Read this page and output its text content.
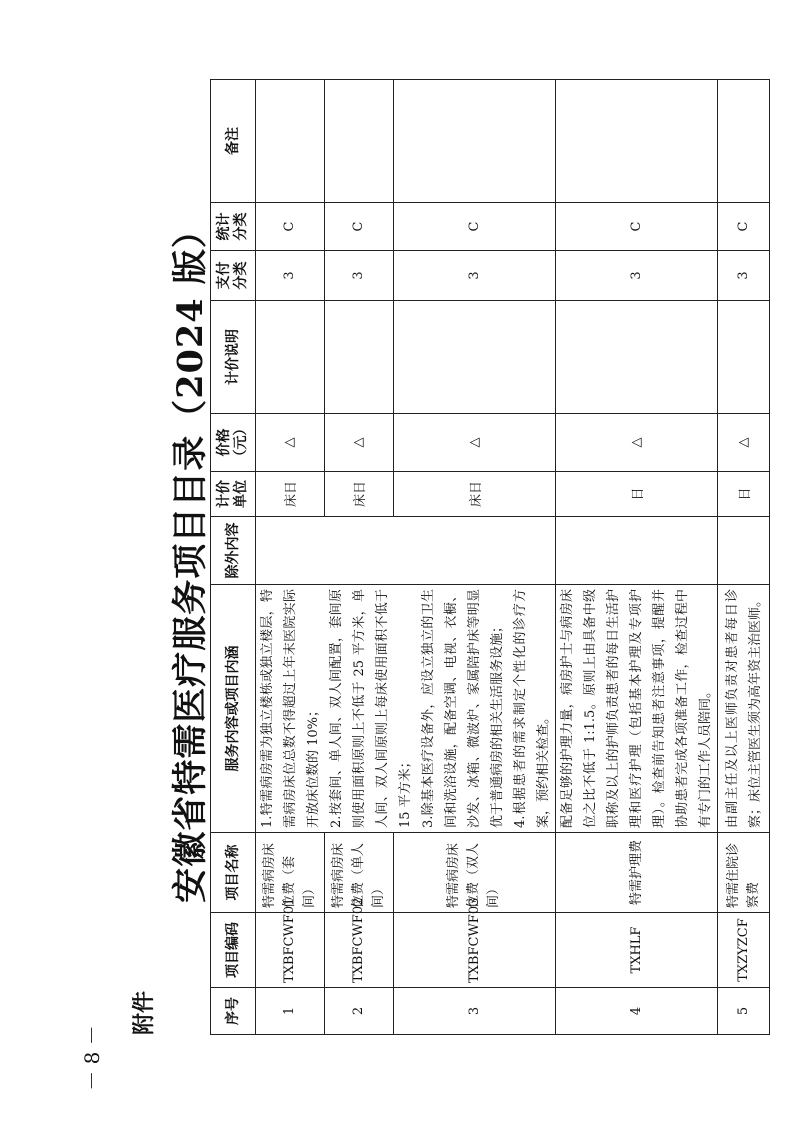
－ 8 －
附件
安徽省特需医疗服务项目目录（2024 版）
序号	项目编码	项目名称	服务内容或项目内涵	除外内容	计价 单位	价格 （元）	计价说明	支付 分类	统计 分类	备注
1	TXBFCWF01	特需病房床位费（套间）	1.特需病房需为独立楼栋或独立楼层，特需病房床位总数不得超过上年末医院实际开放床位数的 10%； 2.按套间、单人间、双人间配置，套间原则使用面积原则上不低于 25 平方米，单人间、双人间原则上每床使用面积不低于 15 平方米； 3.除基本医疗设备外，应设立独立的卫生间和洗浴设施，配备空调、电视、衣橱、沙发、冰箱、微波炉、家属陪护床等明显优于普通病房的相关生活服务设施； 4.根据患者的需求制定个性化的诊疗方案，预约相关检查。		床日	△		3	C	
2	TXBFCWF02	特需病房床位费（单人间）			床日	△		3	C	
3	TXBFCWF03	特需病房床位费（双人间）			床日	△		3	C	
4	TXHLF	特需护理费	配备足够的护理力量，病房护士与病房床位之比不低于 1:1.5。原则上由具备中级职称及以上的护师负责患者的每日生活护理和医疗护理（包括基本护理及专项护理）。检查前告知患者注意事项，提醒并协助患者完成各项准备工作，检查过程中有专门的工作人员陪同。		日	△		3	C	
5	TXZYZCF	特需住院诊察费	由副主任及以上医师负责对患者每日诊察；床位主管医生须为高年资主治医师。		日	△		3	C	
